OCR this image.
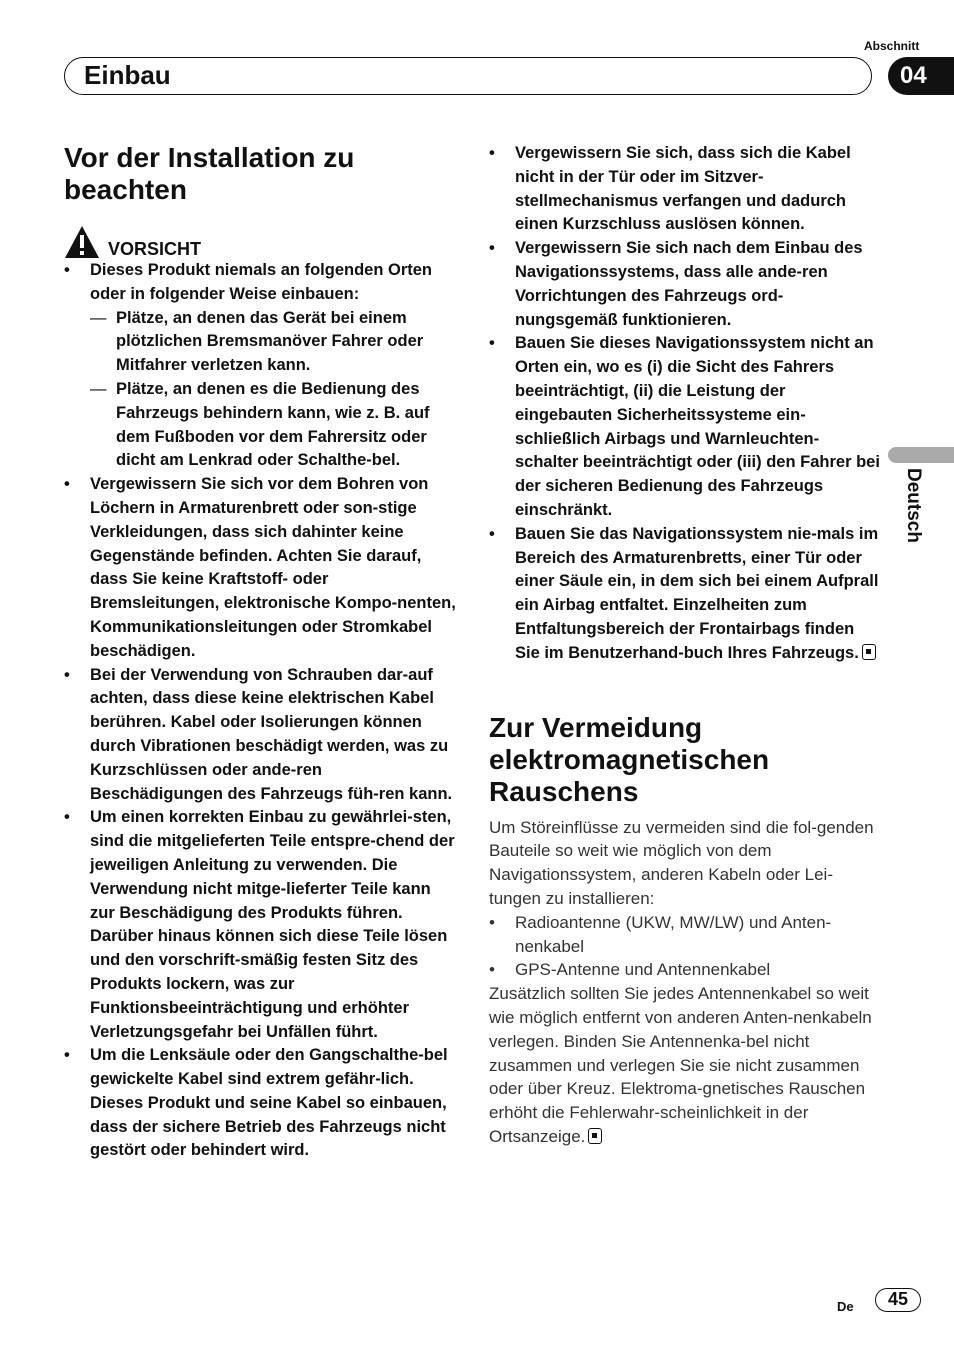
Abschnitt
Einbau	04
Deutsch
Vor der Installation zu beachten
VORSICHT
• Dieses Produkt niemals an folgenden Orten oder in folgender Weise einbauen:
— Plätze, an denen das Gerät bei einem plötzlichen Bremsmanöver Fahrer oder Mitfahrer verletzen kann.
— Plätze, an denen es die Bedienung des Fahrzeugs behindern kann, wie z. B. auf dem Fußboden vor dem Fahrersitz oder dicht am Lenkrad oder Schalthe-bel.
• Vergewissern Sie sich vor dem Bohren von Löchern in Armaturenbrett oder son-stige Verkleidungen, dass sich dahinter keine Gegenstände befinden. Achten Sie darauf, dass Sie keine Kraftstoff- oder Bremsleitungen, elektronische Kompo-nenten, Kommunikationsleitungen oder Stromkabel beschädigen.
• Bei der Verwendung von Schrauben dar-auf achten, dass diese keine elektrischen Kabel berühren. Kabel oder Isolierungen können durch Vibrationen beschädigt werden, was zu Kurzschlüssen oder ande-ren Beschädigungen des Fahrzeugs füh-ren kann.
• Um einen korrekten Einbau zu gewährlei-sten, sind die mitgelieferten Teile entspre-chend der jeweiligen Anleitung zu verwenden. Die Verwendung nicht mitge-lieferter Teile kann zur Beschädigung des Produkts führen. Darüber hinaus können sich diese Teile lösen und den vorschrift-smäßig festen Sitz des Produkts lockern, was zur Funktionsbeeinträchtigung und erhöhter Verletzungsgefahr bei Unfällen führt.
• Um die Lenksäule oder den Gangschalthe-bel gewickelte Kabel sind extrem gefähr-lich. Dieses Produkt und seine Kabel so einbauen, dass der sichere Betrieb des Fahrzeugs nicht gestört oder behindert wird.
• Vergewissern Sie sich, dass sich die Kabel nicht in der Tür oder im Sitzver-stellmechanismus verfangen und dadurch einen Kurzschluss auslösen können.
• Vergewissern Sie sich nach dem Einbau des Navigationssystems, dass alle ande-ren Vorrichtungen des Fahrzeugs ord-nungsgemäß funktionieren.
• Bauen Sie dieses Navigationssystem nicht an Orten ein, wo es (i) die Sicht des Fahrers beeinträchtigt, (ii) die Leistung der eingebauten Sicherheitssysteme ein-schließlich Airbags und Warnleuchten-schalter beeinträchtigt oder (iii) den Fahrer bei der sicheren Bedienung des Fahrzeugs einschränkt.
• Bauen Sie das Navigationssystem nie-mals im Bereich des Armaturenbretts, einer Tür oder einer Säule ein, in dem sich bei einem Aufprall ein Airbag entfaltet. Einzelheiten zum Entfaltungsbereich der Frontairbags finden Sie im Benutzerhand-buch Ihres Fahrzeugs.
Zur Vermeidung elektromagnetischen Rauschens

Um Störeinflüsse zu vermeiden sind die fol-genden Bauteile so weit wie möglich von dem Navigationssystem, anderen Kabeln oder Lei-tungen zu installieren:

• Radioantenne (UKW, MW/LW) und Anten-nenkabel
• GPS-Antenne und Antennenkabel

Zusätzlich sollten Sie jedes Antennenkabel so weit wie möglich entfernt von anderen Anten-nenkabeln verlegen. Binden Sie Antennenka-bel nicht zusammen und verlegen Sie sie nicht zusammen oder über Kreuz. Elektroma-gnetisches Rauschen erhöht die Fehlerwahr-scheinlichkeit in der Ortsanzeige.

De	45
